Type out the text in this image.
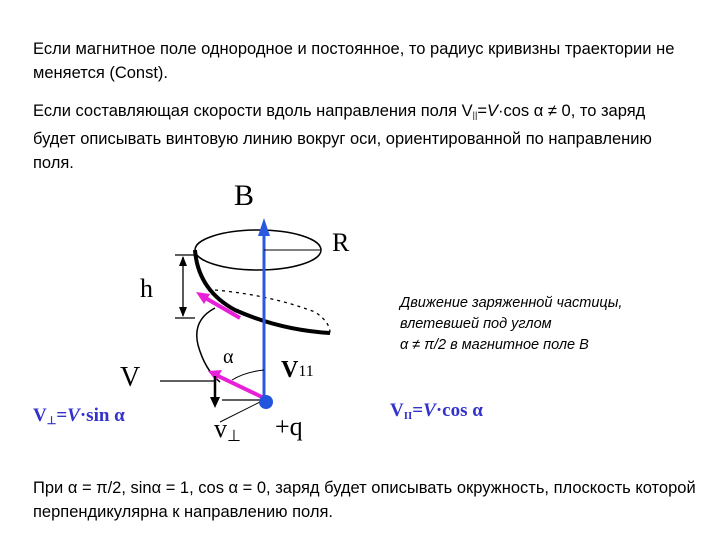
Если магнитное поле однородное и постоянное, то радиус кривизны траектории не меняется (Const).
Если составляющая скорости вдоль направления поля $V_{||}=V\cdot\cos$ α ≠ 0, то заряд будет описывать винтовую линию вокруг оси, ориентированной по направлению поля.
B
R
h
α
V	V11
v⊥ +q
Движение заряженной частицы,
влетевшей под углом
α ≠ π/2 в магнитное поле В
V⊥=V·sin α	VII=V·cos α
При α = π/2, sinα = 1, cos α = 0, заряд будет описывать окружность, плоскость которой перпендикулярна к направлению поля.
